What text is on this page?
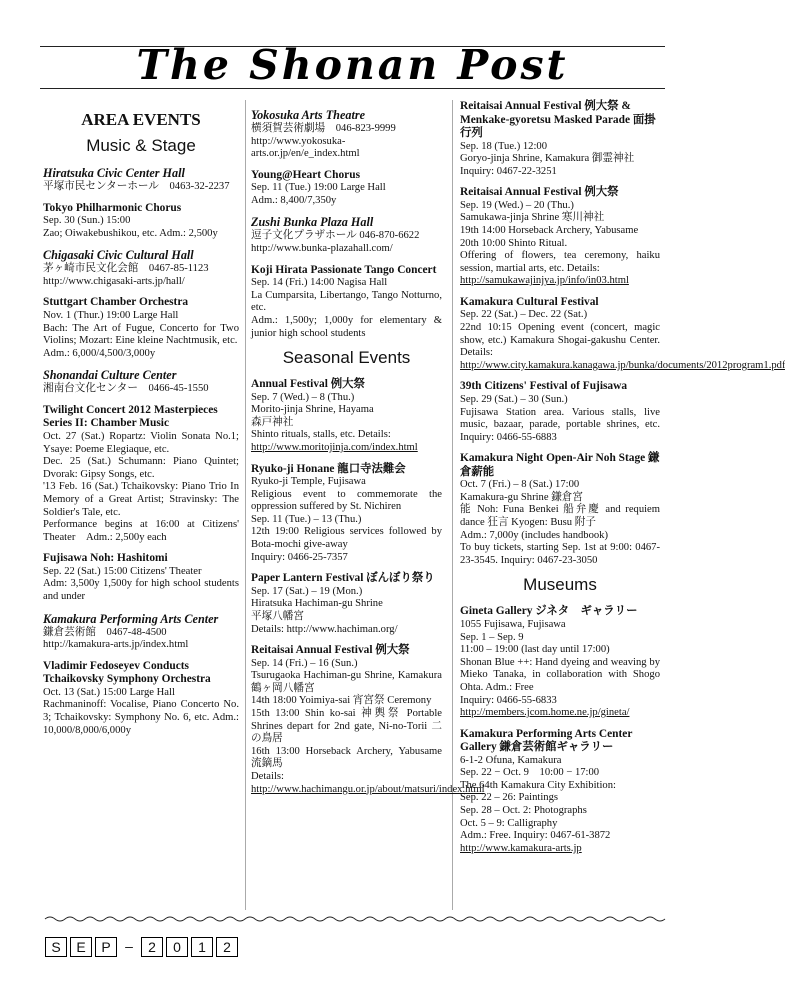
The Shonan Post
AREA EVENTS
Music & Stage
Hiratsuka Civic Center Hall
平塚市民センターホール　0463-32-2237
Tokyo Philharmonic Chorus
Sep. 30 (Sun.) 15:00
Zao; Oiwakebushikou, etc. Adm.: 2,500y
Chigasaki Civic Cultural Hall
茅ヶ崎市民文化会館　0467-85-1123
http://www.chigasaki-arts.jp/hall/
Stuttgart Chamber Orchestra
Nov. 1 (Thur.) 19:00 Large Hall
Bach: The Art of Fugue, Concerto for Two Violins; Mozart: Eine kleine Nachtmusik, etc.
Adm.: 6,000/4,500/3,000y
Shonandai Culture Center
湘南台文化センター　0466-45-1550
Twilight Concert 2012 Masterpieces Series II: Chamber Music
Oct. 27 (Sat.) Ropartz: Violin Sonata No.1; Ysaye: Poeme Elegiaque, etc.
Dec. 25 (Sat.) Schumann: Piano Quintet; Dvorak: Gipsy Songs, etc.
'13 Feb. 16 (Sat.) Tchaikovsky: Piano Trio In Memory of a Great Artist; Stravinsky: The Soldier's Tale, etc.
Performance begins at 16:00 at Citizens' Theater　Adm.: 2,500y each
Fujisawa Noh: Hashitomi
Sep. 22 (Sat.) 15:00 Citizens' Theater
Adm: 3,500y 1,500y for high school students and under
Kamakura Performing Arts Center
鎌倉芸術館　0467-48-4500
http://kamakura-arts.jp/index.html
Vladimir Fedoseyev Conducts Tchaikovsky Symphony Orchestra
Oct. 13 (Sat.) 15:00 Large Hall
Rachmaninoff: Vocalise, Piano Concerto No. 3; Tchaikovsky: Symphony No. 6, etc. Adm.: 10,000/8,000/6,000y
Yokosuka Arts Theatre
横須賀芸術劇場　046-823-9999
http://www.yokosuka-arts.or.jp/en/e_index.html
Young@Heart Chorus
Sep. 11 (Tue.) 19:00 Large Hall
Adm.: 8,400/7,350y
Zushi Bunka Plaza Hall
逗子文化プラザホール 046-870-6622
http://www.bunka-plazahall.com/
Koji Hirata Passionate Tango Concert
Sep. 14 (Fri.) 14:00 Nagisa Hall
La Cumparsita, Libertango, Tango Notturno, etc.
Adm.: 1,500y; 1,000y for elementary & junior high school students
Seasonal Events
Annual Festival 例大祭
Sep. 7 (Wed.) – 8 (Thu.)
Morito-jinja Shrine, Hayama
森戸神社
Shinto rituals, stalls, etc. Details:
http://www.moritojinja.com/index.html
Ryuko-ji Honane 龍口寺法難会
Ryuko-ji Temple, Fujisawa
Religious event to commemorate the oppression suffered by St. Nichiren
Sep. 11 (Tue.) – 13 (Thu.)
12th 19:00 Religious services followed by Bota-mochi give-away
Inquiry: 0466-25-7357
Paper Lantern Festival ぼんぼり祭り
Sep. 17 (Sat.) – 19 (Mon.)
Hiratsuka Hachiman-gu Shrine
平塚八幡宮
Details: http://www.hachiman.org/
Reitaisai Annual Festival 例大祭
Sep. 14 (Fri.) – 16 (Sun.)
Tsurugaoka Hachiman-gu Shrine, Kamakura 鶴ヶ岡八幡宮
14th 18:00 Yoimiya-sai 宵宮祭 Ceremony
15th 13:00 Shin ko-sai 神輿祭 Portable Shrines depart for 2nd gate, Ni-no-Torii 二の鳥居
16th 13:00 Horseback Archery, Yabusame 流鏑馬
Details:
http://www.hachimangu.or.jp/about/matsuri/index.html
Reitaisai Annual Festival 例大祭 & Menkake-gyoretsu Masked Parade 面掛行列
Sep. 18 (Tue.) 12:00
Goryo-jinja Shrine, Kamakura 御霊神社
Inquiry: 0467-22-3251
Reitaisai Annual Festival 例大祭
Sep. 19 (Wed.) – 20 (Thu.)
Samukawa-jinja Shrine 寒川神社
19th 14:00 Horseback Archery, Yabusame
20th 10:00 Shinto Ritual.
Offering of flowers, tea ceremony, haiku session, martial arts, etc. Details:
http://samukawajinjya.jp/info/in03.html
Kamakura Cultural Festival
Sep. 22 (Sat.) – Dec. 22 (Sat.)
22nd 10:15 Opening event (concert, magic show, etc.) Kamakura Shogai-gakushu Center. Details:
http://www.city.kamakura.kanagawa.jp/bunka/documents/2012program1.pdf
39th Citizens' Festival of Fujisawa
Sep. 29 (Sat.) – 30 (Sun.)
Fujisawa Station area. Various stalls, live music, bazaar, parade, portable shrines, etc. Inquiry: 0466-55-6883
Kamakura Night Open-Air Noh Stage 鎌倉薪能
Oct. 7 (Fri.) – 8 (Sat.) 17:00
Kamakura-gu Shrine 鎌倉宮
能 Noh: Funa Benkei 船弁慶 and requiem dance 狂言 Kyogen: Busu 附子
Adm.: 7,000y (includes handbook)
To buy tickets, starting Sep. 1st at 9:00: 0467-23-3545. Inquiry: 0467-23-3050
Museums
Gineta Gallery ジネタ　ギャラリー
1055 Fujisawa, Fujisawa
Sep. 1 – Sep. 9
11:00 – 19:00 (last day until 17:00)
Shonan Blue ++: Hand dyeing and weaving by Mieko Tanaka, in collaboration with Shogo Ohta. Adm.: Free
Inquiry: 0466-55-6833
http://members.jcom.home.ne.jp/gineta/
Kamakura Performing Arts Center Gallery 鎌倉芸術館ギャラリー
6-1-2 Ofuna, Kamakura
Sep. 22 − Oct. 9　10:00 − 17:00
The 64th Kamakura City Exhibition:
Sep. 22 – 26: Paintings
Sep. 28 – Oct. 2: Photographs
Oct. 5 – 9: Calligraphy
Adm.: Free. Inquiry: 0467-61-3872
http://www.kamakura-arts.jp
S	E	P	–	2	0	1	2
